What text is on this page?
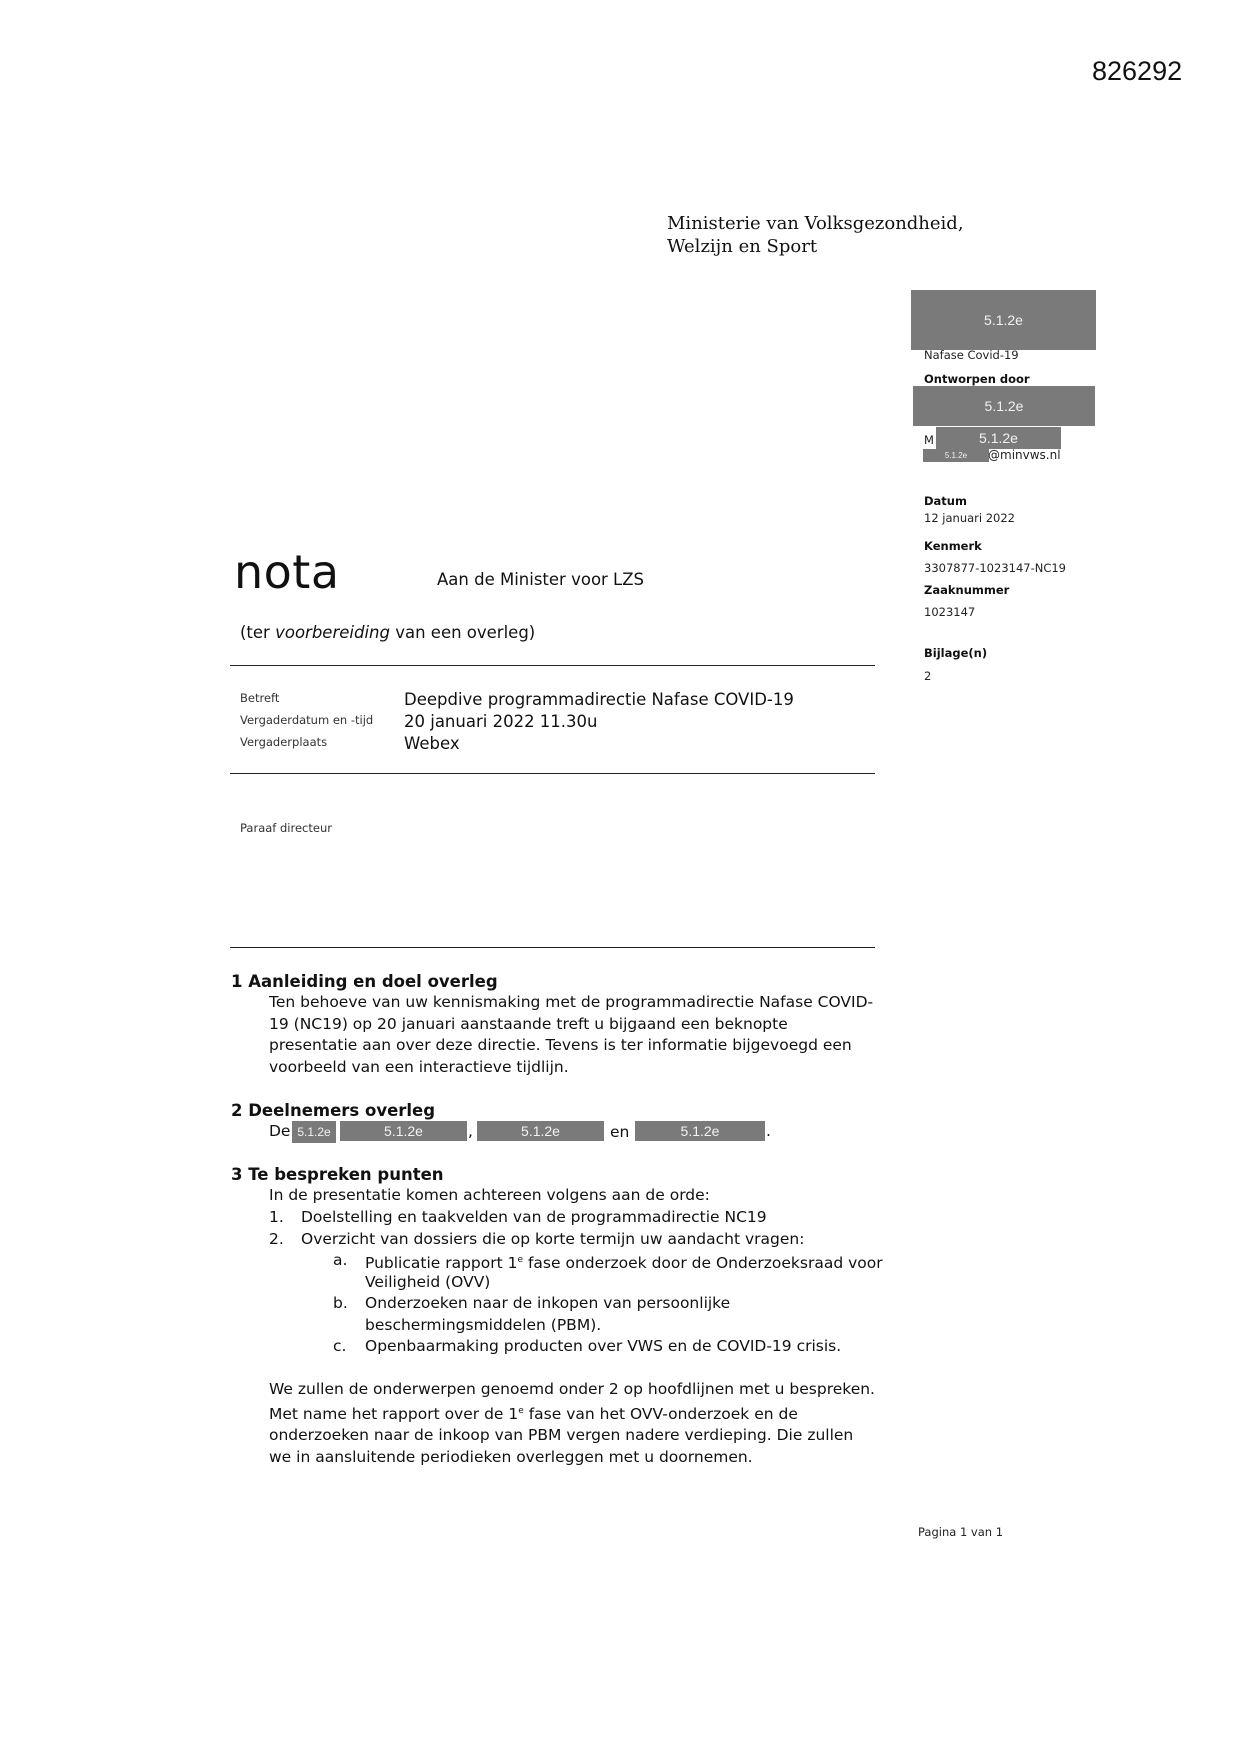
826292
Ministerie van Volksgezondheid,
Welzijn en Sport
5.1.2e
Nafase Covid-19
Ontworpen door
5.1.2e
M	5.1.2e
5.1.2e	@minvws.nl
Datum
12 januari 2022
Kenmerk
3307877-1023147-NC19
Zaaknummer
1023147
Bijlage(n)
2
nota	Aan de Minister voor LZS
(ter voorbereiding van een overleg)
Betreft	Deepdive programmadirectie Nafase COVID-19
Vergaderdatum en -tijd 20 januari 2022 11.30u
Vergaderplaats	Webex
Paraaf directeur
1 Aanleiding en doel overleg
Ten behoeve van uw kennismaking met de programmadirectie Nafase COVID-
19 (NC19) op 20 januari aanstaande treft u bijgaand een beknopte
presentatie aan over deze directie. Tevens is ter informatie bijgevoegd een
voorbeeld van een interactieve tijdlijn.
2 Deelnemers overleg
De 5.1.2e	5.1.2e	,	5.1.2e	en	5.1.2e	.
3 Te bespreken punten
In de presentatie komen achtereen volgens aan de orde:
1. Doelstelling en taakvelden van de programmadirectie NC19
2. Overzicht van dossiers die op korte termijn uw aandacht vragen:
a. Publicatie rapport 1e fase onderzoek door de Onderzoeksraad voor
Veiligheid (OVV)
b. Onderzoeken naar de inkopen van persoonlijke
beschermingsmiddelen (PBM).
c. Openbaarmaking producten over VWS en de COVID-19 crisis.
We zullen de onderwerpen genoemd onder 2 op hoofdlijnen met u bespreken.
Met name het rapport over de 1e fase van het OVV-onderzoek en de
onderzoeken naar de inkoop van PBM vergen nadere verdieping. Die zullen
we in aansluitende periodieken overleggen met u doornemen.
Pagina 1 van 1
